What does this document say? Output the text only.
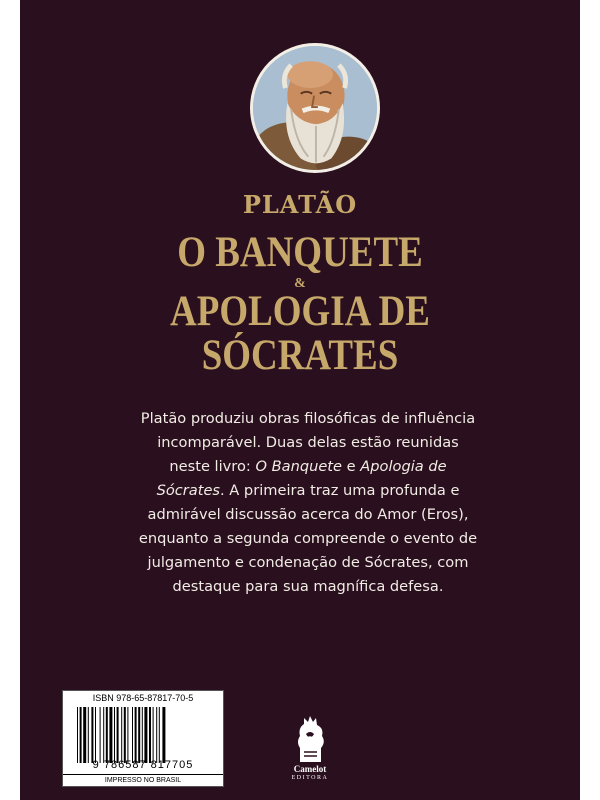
PLATÃO
O BANQUETE
&
APOLOGIA DE
SÓCRATES
Platão produziu obras filosóficas de influência incomparável. Duas delas estão reunidas neste livro: O Banquete e Apologia de Sócrates. A primeira traz uma profunda e admirável discussão acerca do Amor (Eros), enquanto a segunda compreende o evento de julgamento e condenação de Sócrates, com destaque para sua magnífica defesa.
ISBN 978-65-87817-70-5
9 786587 817705
IMPRESSO NO BRASIL
Camelot
EDITORA
